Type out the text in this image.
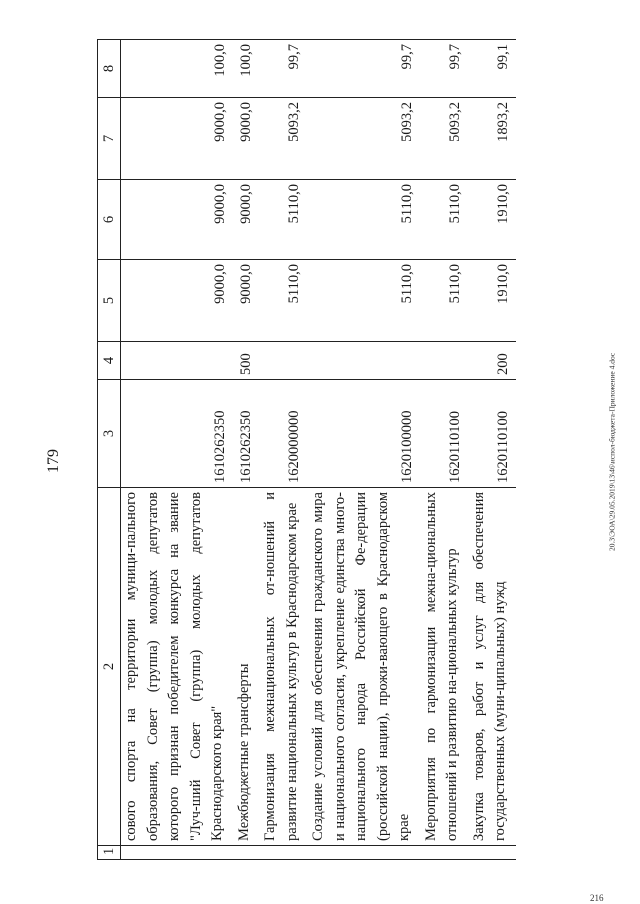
179	20.3\ЭОА\29.05.2019\13\46\испол-бюджета-Приложение 4.doc
216
1	2	3	4	5	6	7	8
	сового спорта на территории муници-пального образования, Совет (группа) молодых депутатов которого признан победителем конкурса на звание "Луч-ший Совет (группа) молодых депутатов Краснодарского края"	1610262350		9000,0	9000,0	9000,0	100,0
	Межбюджетные трансферты	1610262350	500	9000,0	9000,0	9000,0	100,0
	Гармонизация межнациональных от-ношений и развитие национальных культур в Краснодарском крае	1620000000		5110,0	5110,0	5093,2	99,7
	Создание условий для обеспечения гражданского мира и национального согласия, укрепление единства много-национального народа Российской Фе-дерации (российской нации), прожи-вающего в Краснодарском крае	1620100000		5110,0	5110,0	5093,2	99,7
	Мероприятия по гармонизации межна-циональных отношений и развитию на-циональных культур	1620110100		5110,0	5110,0	5093,2	99,7
	Закупка товаров, работ и услуг для обеспечения государственных (муни-ципальных) нужд	1620110100	200	1910,0	1910,0	1893,2	99,1
